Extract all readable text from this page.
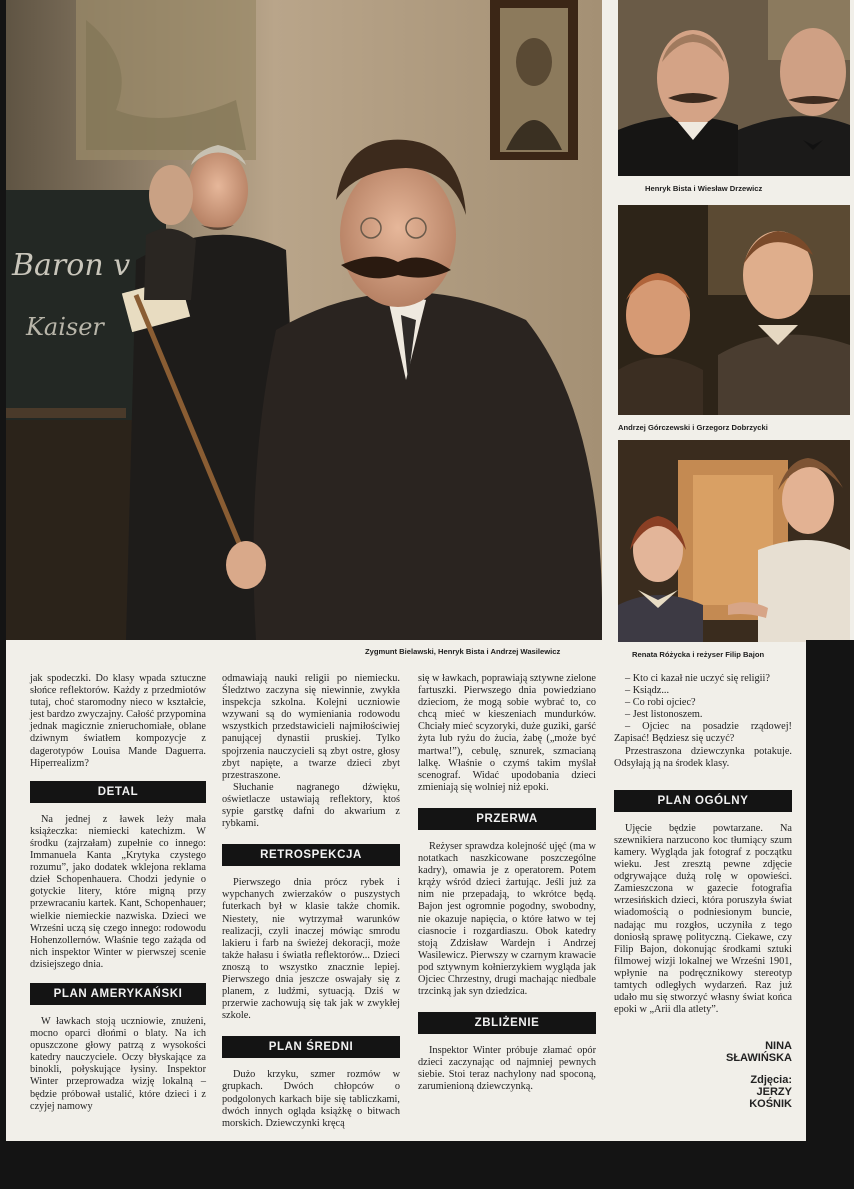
Baron v
Kaiser
Zygmunt Bielawski, Henryk Bista i Andrzej Wasilewicz
Henryk Bista i Wiesław Drzewicz
Andrzej Górczewski i Grzegorz Dobrzycki
Renata Różycka i reżyser Filip Bajon

jak spodeczki. Do klasy wpada sztuczne słońce reflektorów. Każdy z przedmiotów tutaj, choć staromodny nieco w kształcie, jest bardzo zwyczajny. Całość przypomina jednak magicznie znieruchomiałe, oblane dziwnym światłem kompozycje z dagerotypów Louisa Mande Daguerra. Hiperrealizm?

DETAL

Na jednej z ławek leży mała książeczka: niemiecki katechizm. W środku (zajrzałam) zupełnie co innego: Immanuela Kanta „Krytyka czystego rozumu”, jako dodatek wklejona reklama dzieł Schopenhauera. Chodzi jedynie o gotyckie litery, które migną przy przewracaniu kartek. Kant, Schopenhauer; wielkie niemieckie nazwiska. Dzieci we Wrześni uczą się czego innego: rodowodu Hohenzollernów. Właśnie tego zażąda od nich inspektor Winter w pierwszej scenie dzisiejszego dnia.

PLAN AMERYKAŃSKI

W ławkach stoją uczniowie, znużeni, mocno oparci dłońmi o blaty. Na ich opuszczone głowy patrzą z wysokości katedry nauczyciele. Oczy błyskające za binokli, połyskujące łysiny. Inspektor Winter przeprowadza wizję lokalną – będzie próbował ustalić, które dzieci i z czyjej namowy

odmawiają nauki religii po niemiecku. Śledztwo zaczyna się niewinnie, zwykła inspekcja szkolna. Kolejni uczniowie wzywani są do wymieniania rodowodu wszystkich przedstawicieli najmiłościwiej panującej dynastii pruskiej. Tylko spojrzenia nauczycieli są zbyt ostre, głosy zbyt napięte, a twarze dzieci zbyt przestraszone.

Słuchanie nagranego dźwięku, oświetlacze ustawiają reflektory, ktoś sypie garstkę dafni do akwarium z rybkami.

RETROSPEKCJA

Pierwszego dnia prócz rybek i wypchanych zwierzaków o puszystych futerkach był w klasie także chomik. Niestety, nie wytrzymał warunków realizacji, czyli inaczej mówiąc smrodu lakieru i farb na świeżej dekoracji, może także hałasu i światła reflektorów... Dzieci znoszą to wszystko znacznie lepiej. Pierwszego dnia jeszcze oswajały się z planem, z ludźmi, sytuacją. Dziś w przerwie zachowują się tak jak w zwykłej szkole.

PLAN ŚREDNI

Dużo krzyku, szmer rozmów w grupkach. Dwóch chłopców o podgolonych karkach bije się tabliczkami, dwóch innych ogląda książkę o bitwach morskich. Dziewczynki kręcą

się w ławkach, poprawiają sztywne zielone fartuszki. Pierwszego dnia powiedziano dzieciom, że mogą sobie wybrać to, co chcą mieć w kieszeniach mundurków. Chciały mieć scyzoryki, duże guziki, garść żyta lub ryżu do żucia, żabę („może być martwa!”), cebulę, sznurek, szmacianą lalkę. Właśnie o czymś takim myślał scenograf. Widać upodobania dzieci zmieniają się wolniej niż epoki.

PRZERWA

Reżyser sprawdza kolejność ujęć (ma w notatkach naszkicowane poszczególne kadry), omawia je z operatorem. Potem krąży wśród dzieci żartując. Jeśli już za nim nie przepadają, to wkrótce będą. Bajon jest ogromnie pogodny, swobodny, nie okazuje napięcia, o które łatwo w tej ciasnocie i rozgardiaszu. Obok katedry stoją Zdzisław Wardejn i Andrzej Wasilewicz. Pierwszy w czarnym krawacie pod sztywnym kołnierzykiem wygląda jak Ojciec Chrzestny, drugi machając niedbale trzcinką jak syn dziedzica.

ZBLIŻENIE

Inspektor Winter próbuje złamać opór dzieci zaczynając od najmniej pewnych siebie. Stoi teraz nachylony nad spoconą, zarumienioną dziewczynką.

– Kto ci kazał nie uczyć się religii?

– Ksiądz...

– Co robi ojciec?

– Jest listonoszem.

– Ojciec na posadzie rządowej! Zapisać! Będziesz się uczyć?

Przestraszona dziewczynka potakuje. Odsyłają ją na środek klasy.

PLAN OGÓLNY

Ujęcie będzie powtarzane. Na szewnikiera narzucono koc tłumiący szum kamery. Wygląda jak fotograf z początku wieku. Jest zresztą pewne zdjęcie odgrywające dużą rolę w opowieści. Zamieszczona w gazecie fotografia wrzesińskich dzieci, która poruszyła świat wiadomością o podniesionym buncie, nadając mu rozgłos, uczyniła z tego doniosłą sprawę polityczną. Ciekawe, czy Filip Bajon, dokonując środkami sztuki filmowej wizji lokalnej we Wrześni 1901, wpłynie na podręcznikowy stereotyp tamtych odległych wydarzeń. Raz już udało mu się stworzyć własny świat końca epoki w „Arii dla atlety”.

NINA
SŁAWIŃSKA
Zdjęcia:
JERZY
KOŚNIK
